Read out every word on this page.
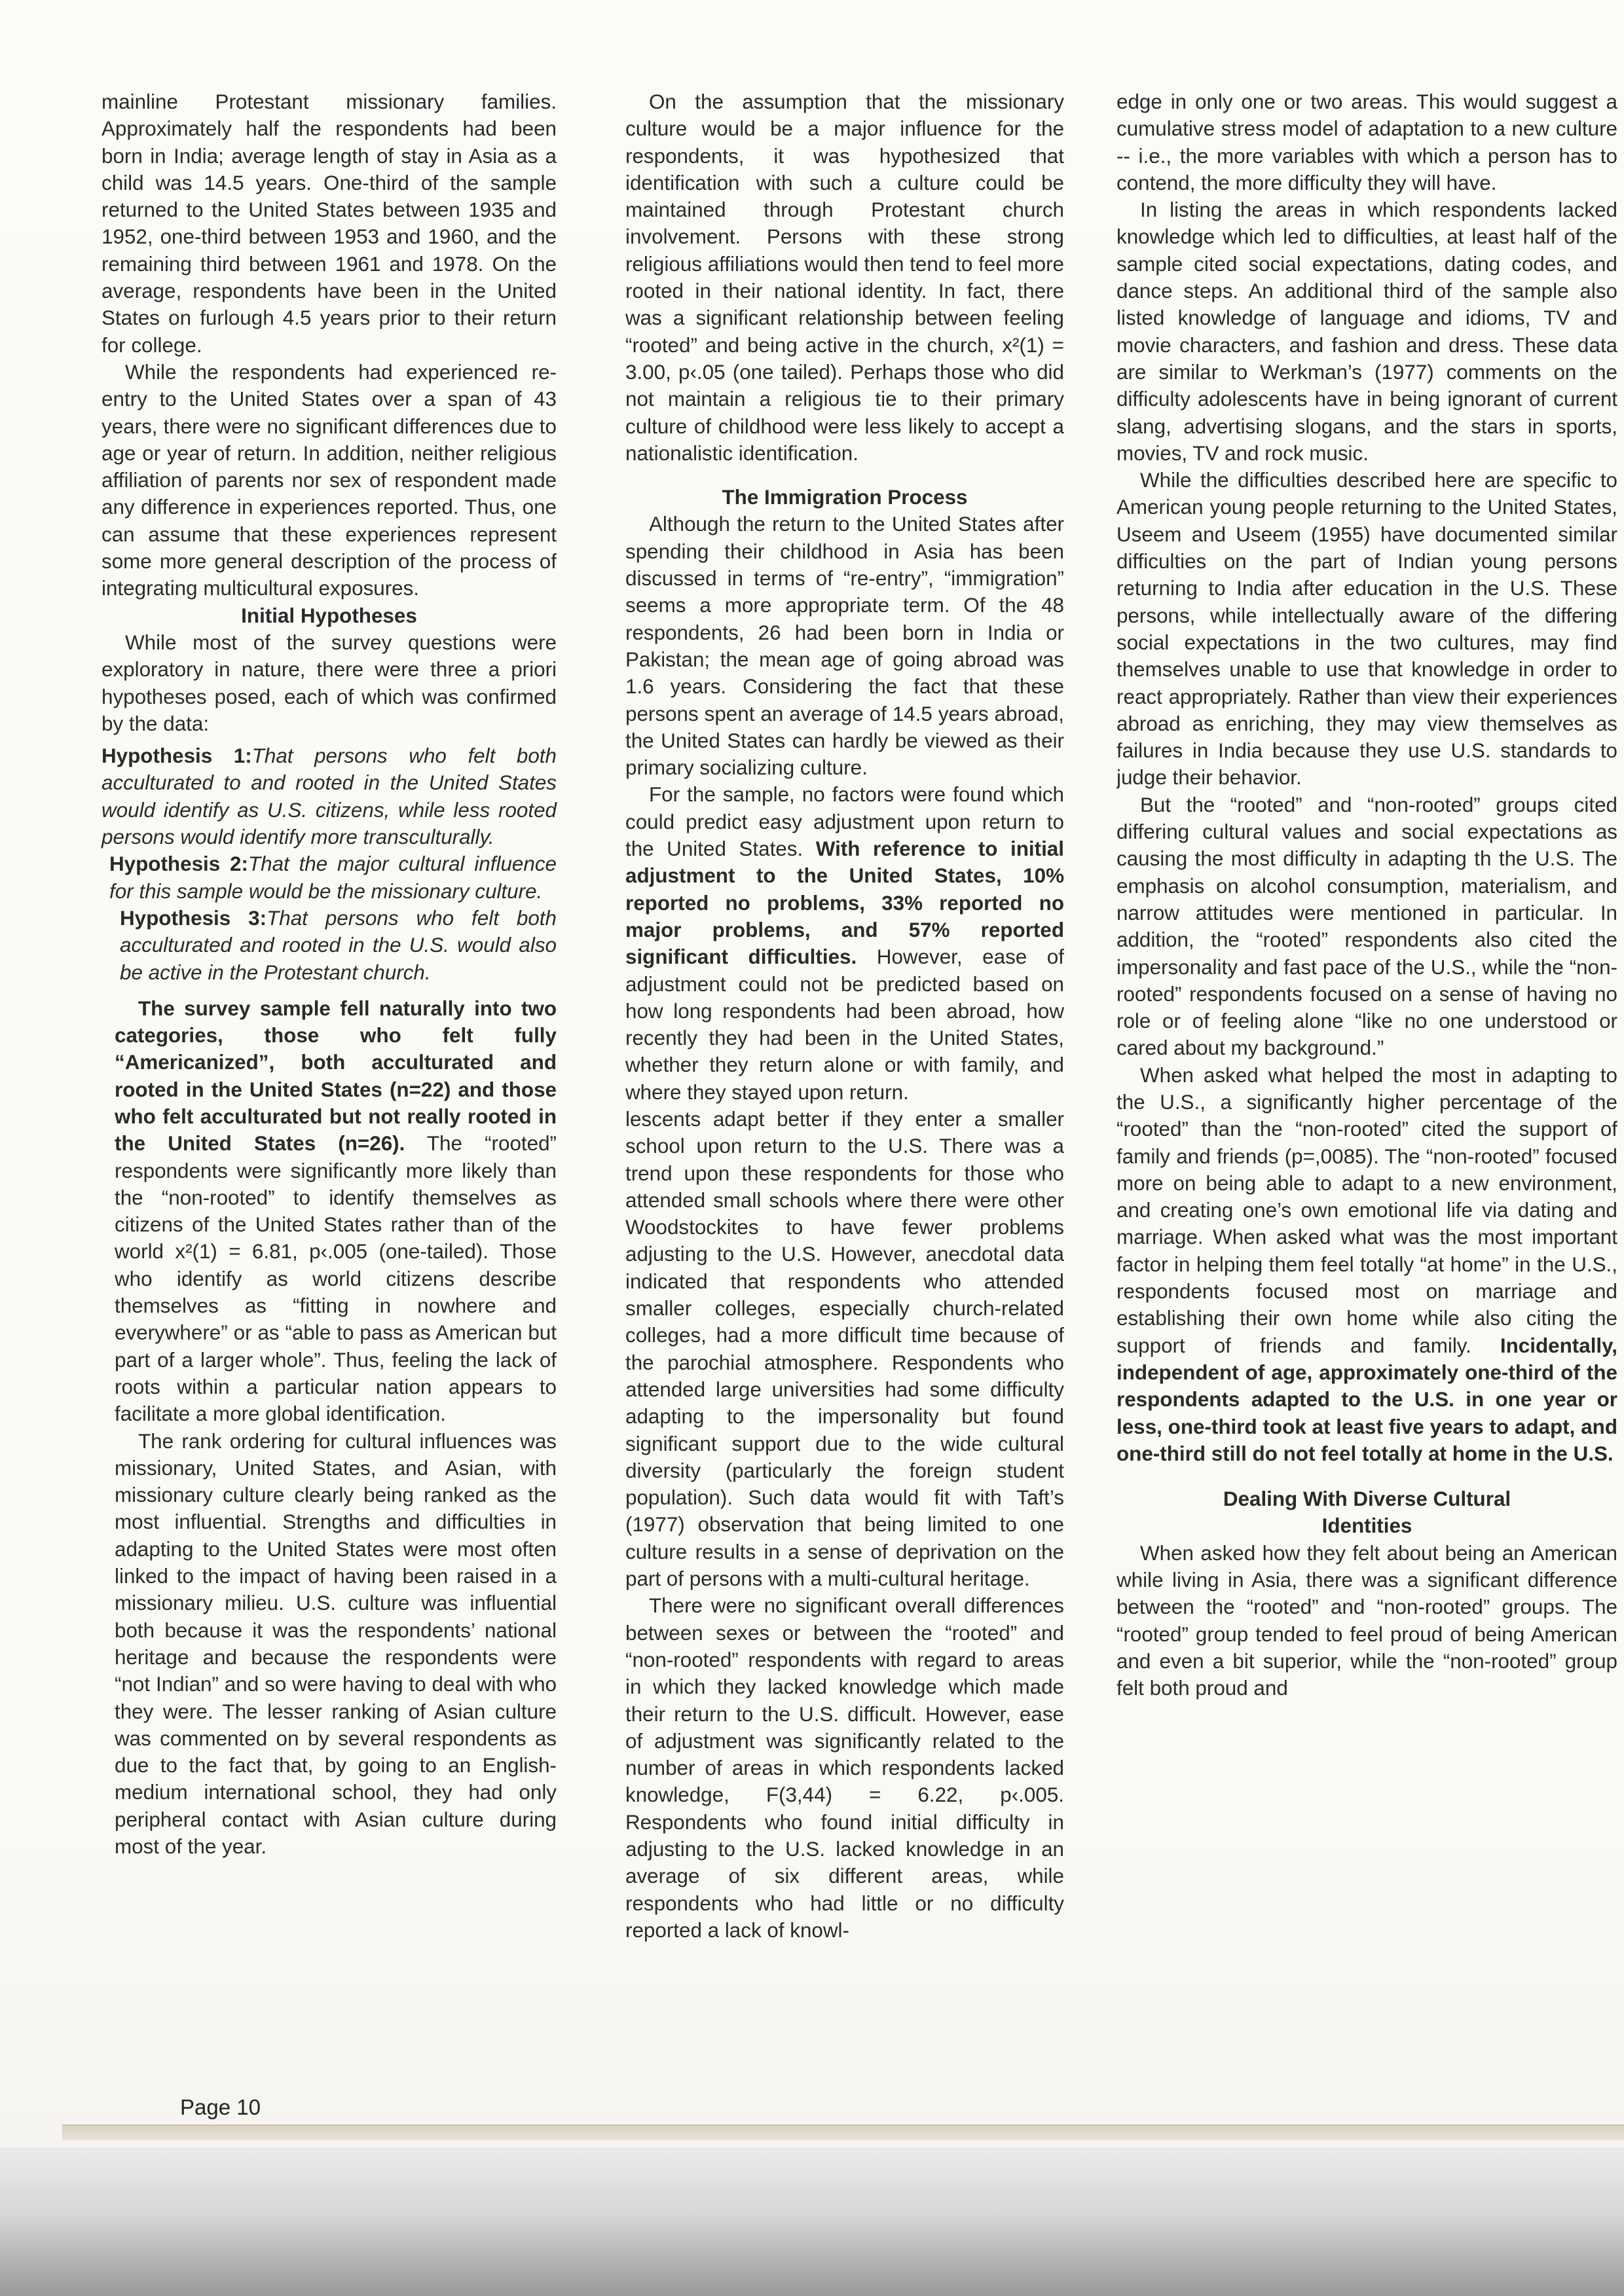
mainline Protestant missionary families. Approximately half the respondents had been born in India; average length of stay in Asia as a child was 14.5 years. One-third of the sample returned to the United States between 1935 and 1952, one-third between 1953 and 1960, and the remaining third between 1961 and 1978. On the average, respondents have been in the United States on furlough 4.5 years prior to their return for college.

While the respondents had experienced re-entry to the United States over a span of 43 years, there were no significant differences due to age or year of return. In addition, neither religious affiliation of parents nor sex of respondent made any difference in experiences reported. Thus, one can assume that these experiences represent some more general description of the process of integrating multicultural exposures.

Initial Hypotheses

While most of the survey questions were exploratory in nature, there were three a priori hypotheses posed, each of which was confirmed by the data:

Hypothesis 1:That persons who felt both acculturated to and rooted in the United States would identify as U.S. citizens, while less rooted persons would identify more transculturally.

Hypothesis 2:That the major cultural influence for this sample would be the missionary culture.

Hypothesis 3:That persons who felt both acculturated and rooted in the U.S. would also be active in the Protestant church.

The survey sample fell naturally into two categories, those who felt fully “Americanized”, both acculturated and rooted in the United States (n=22) and those who felt acculturated but not really rooted in the United States (n=26). The “rooted” respondents were significantly more likely than the “non-rooted” to identify themselves as citizens of the United States rather than of the world x²(1) = 6.81, p‹.005 (one-tailed). Those who identify as world citizens describe themselves as “fitting in nowhere and everywhere” or as “able to pass as American but part of a larger whole”. Thus, feeling the lack of roots within a particular nation appears to facilitate a more global identification.

The rank ordering for cultural influences was missionary, United States, and Asian, with missionary culture clearly being ranked as the most influential. Strengths and difficulties in adapting to the United States were most often linked to the impact of having been raised in a missionary milieu. U.S. culture was influential both because it was the respondents’ national heritage and because the respondents were “not Indian” and so were having to deal with who they were. The lesser ranking of Asian culture was commented on by several respondents as due to the fact that, by going to an English-medium international school, they had only peripheral contact with Asian culture during most of the year.

On the assumption that the missionary culture would be a major influence for the respondents, it was hypothesized that identification with such a culture could be maintained through Protestant church involvement. Persons with these strong religious affiliations would then tend to feel more rooted in their national identity. In fact, there was a significant relationship between feeling “rooted” and being active in the church, x²(1) = 3.00, p‹.05 (one tailed). Perhaps those who did not maintain a religious tie to their primary culture of childhood were less likely to accept a nationalistic identification.

The Immigration Process

Although the return to the United States after spending their childhood in Asia has been discussed in terms of “re-entry”, “immigration” seems a more appropriate term. Of the 48 respondents, 26 had been born in India or Pakistan; the mean age of going abroad was 1.6 years. Considering the fact that these persons spent an average of 14.5 years abroad, the United States can hardly be viewed as their primary socializing culture.

For the sample, no factors were found which could predict easy adjustment upon return to the United States. With reference to initial adjustment to the United States, 10% reported no problems, 33% reported no major problems, and 57% reported significant difficulties. However, ease of adjustment could not be predicted based on how long respondents had been abroad, how recently they had been in the United States, whether they return alone or with family, and where they stayed upon return.

lescents adapt better if they enter a smaller school upon return to the U.S. There was a trend upon these respondents for those who attended small schools where there were other Woodstockites to have fewer problems adjusting to the U.S. However, anecdotal data indicated that respondents who attended smaller colleges, especially church-related colleges, had a more difficult time because of the parochial atmosphere. Respondents who attended large universities had some difficulty adapting to the impersonality but found significant support due to the wide cultural diversity (particularly the foreign student population). Such data would fit with Taft’s (1977) observation that being limited to one culture results in a sense of deprivation on the part of persons with a multi-cultural heritage.

There were no significant overall differences between sexes or between the “rooted” and “non-rooted” respondents with regard to areas in which they lacked knowledge which made their return to the U.S. difficult. However, ease of adjustment was significantly related to the number of areas in which respondents lacked knowledge, F(3,44) = 6.22, p‹.005. Respondents who found initial difficulty in adjusting to the U.S. lacked knowledge in an average of six different areas, while respondents who had little or no difficulty reported a lack of knowl-

edge in only one or two areas. This would suggest a cumulative stress model of adaptation to a new culture -- i.e., the more variables with which a person has to contend, the more difficulty they will have.

In listing the areas in which respondents lacked knowledge which led to difficulties, at least half of the sample cited social expectations, dating codes, and dance steps. An additional third of the sample also listed knowledge of language and idioms, TV and movie characters, and fashion and dress. These data are similar to Werkman’s (1977) comments on the difficulty adolescents have in being ignorant of current slang, advertising slogans, and the stars in sports, movies, TV and rock music.

While the difficulties described here are specific to American young people returning to the United States, Useem and Useem (1955) have documented similar difficulties on the part of Indian young persons returning to India after education in the U.S. These persons, while intellectually aware of the differing social expectations in the two cultures, may find themselves unable to use that knowledge in order to react appropriately. Rather than view their experiences abroad as enriching, they may view themselves as failures in India because they use U.S. standards to judge their behavior.

But the “rooted” and “non-rooted” groups cited differing cultural values and social expectations as causing the most difficulty in adapting th the U.S. The emphasis on alcohol consumption, materialism, and narrow attitudes were mentioned in particular. In addition, the “rooted” respondents also cited the impersonality and fast pace of the U.S., while the “non-rooted” respondents focused on a sense of having no role or of feeling alone “like no one understood or cared about my background.”

When asked what helped the most in adapting to the U.S., a significantly higher percentage of the “rooted” than the “non-rooted” cited the support of family and friends (p=,0085). The “non-rooted” focused more on being able to adapt to a new environment, and creating one’s own emotional life via dating and marriage. When asked what was the most important factor in helping them feel totally “at home” in the U.S., respondents focused most on marriage and establishing their own home while also citing the support of friends and family. Incidentally, independent of age, approximately one-third of the respondents adapted to the U.S. in one year or less, one-third took at least five years to adapt, and one-third still do not feel totally at home in the U.S.

Dealing With Diverse Cultural Identities

When asked how they felt about being an American while living in Asia, there was a significant difference between the “rooted” and “non-rooted” groups. The “rooted” group tended to feel proud of being American and even a bit superior, while the “non-rooted” group felt both proud and

Page 10
